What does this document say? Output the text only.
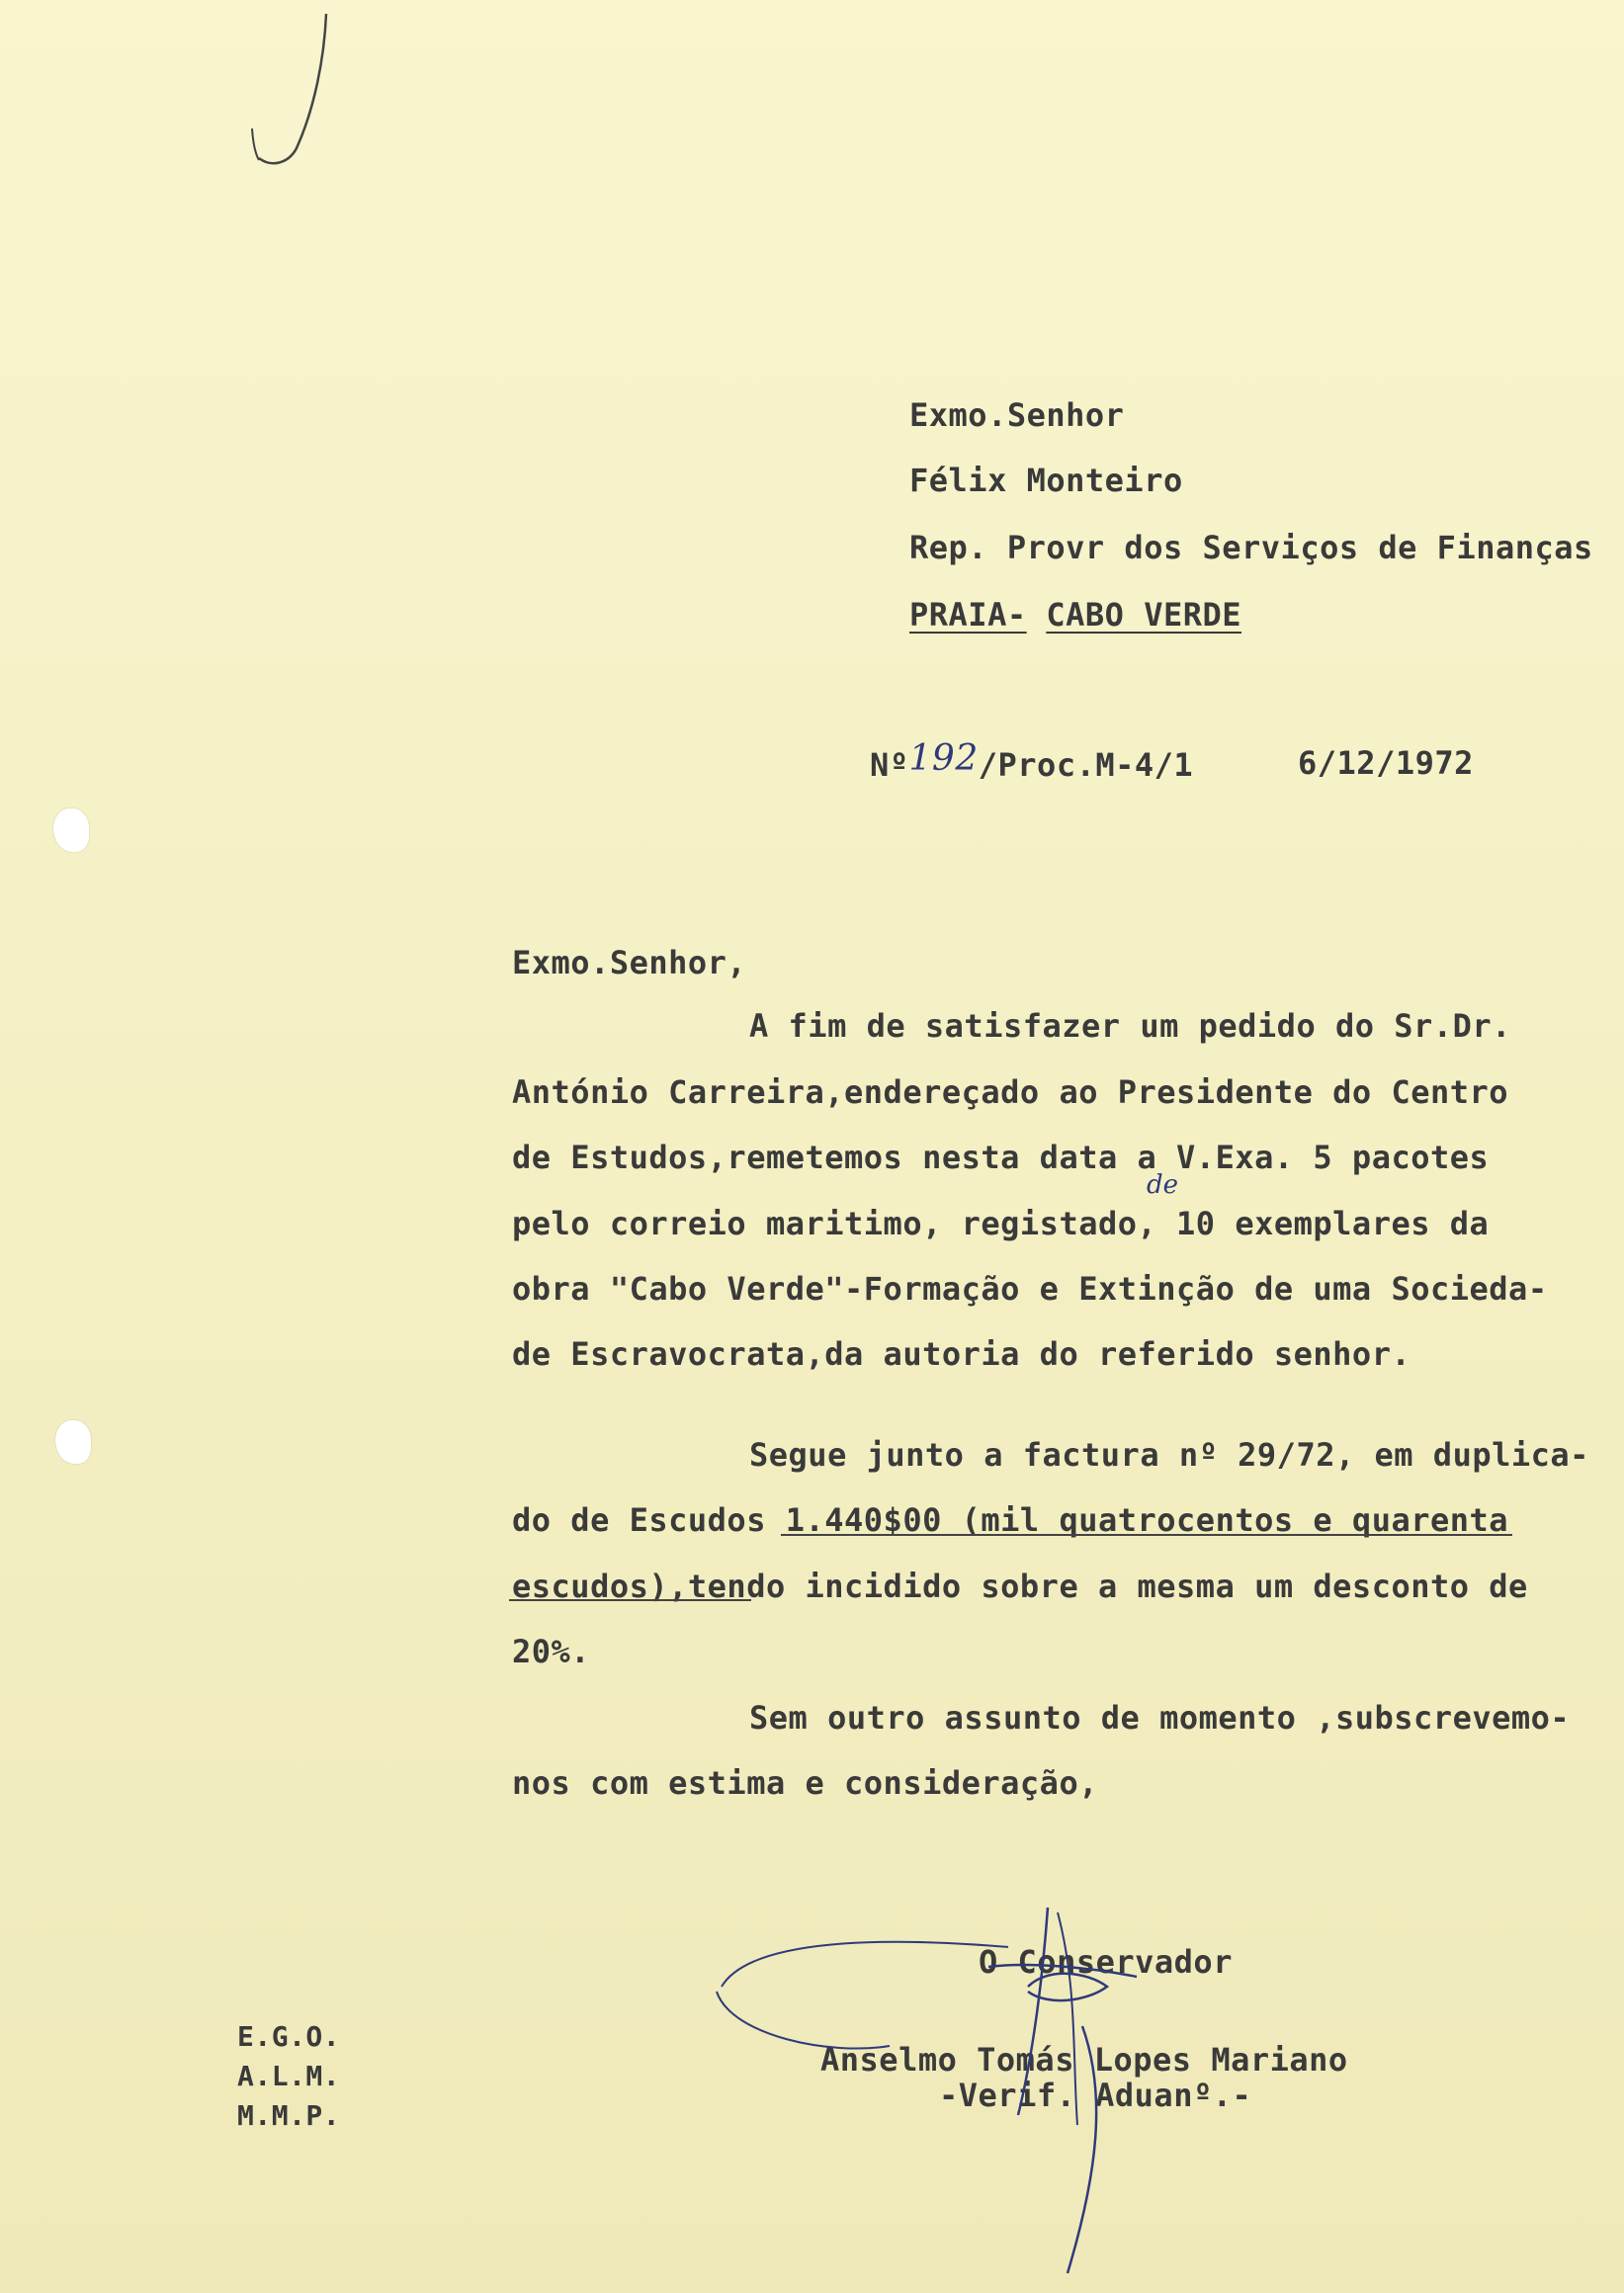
Exmo.Senhor
Félix Monteiro
Rep. Provr dos Serviços de Finanças
PRAIA- CABO VERDE
Nº192/Proc.M-4/1	6/12/1972
Exmo.Senhor,
A fim de satisfazer um pedido do Sr.Dr.
António Carreira,endereçado ao Presidente do Centro
de Estudos,remetemos nesta data a V.Exa. 5 pacotes
de
pelo correio maritimo, registado, 10 exemplares da
obra "Cabo Verde"-Formação e Extinção de uma Socieda-
de Escravocrata,da autoria do referido senhor.
Segue junto a factura nº 29/72, em duplica-
do de Escudos 1.440$00 (mil quatrocentos e quarenta
escudos),tendo incidido sobre a mesma um desconto de
20%.
Sem outro assunto de momento ,subscrevemo-
nos com estima e consideração,
O Conservador
Anselmo Tomás Lopes Mariano
-Verif. Aduanº.-
E.G.O.
A.L.M.
M.M.P.
